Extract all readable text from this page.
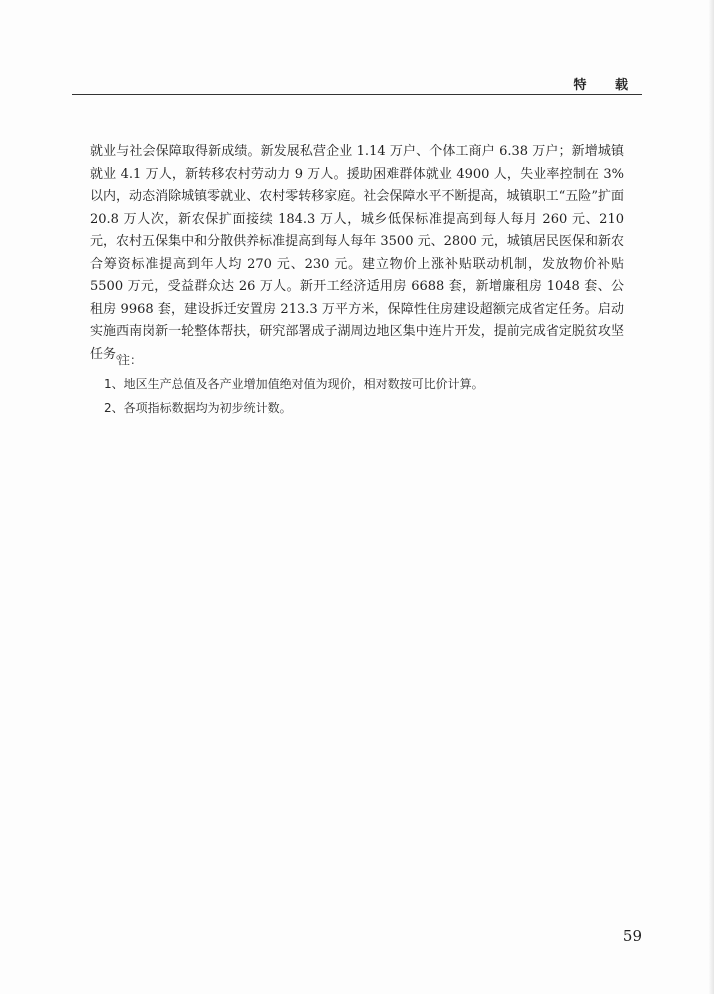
特 载
就业与社会保障取得新成绩。新发展私营企业 1.14 万户、个体工商户 6.38 万户；新增城镇就业 4.1 万人，新转移农村劳动力 9 万人。援助困难群体就业 4900 人，失业率控制在 3%以内，动态消除城镇零就业、农村零转移家庭。社会保障水平不断提高，城镇职工“五险”扩面 20.8 万人次，新农保扩面接续 184.3 万人，城乡低保标准提高到每人每月 260 元、210 元，农村五保集中和分散供养标准提高到每人每年 3500 元、2800 元，城镇居民医保和新农合筹资标准提高到年人均 270 元、230 元。建立物价上涨补贴联动机制，发放物价补贴 5500 万元，受益群众达 26 万人。新开工经济适用房 6688 套，新增廉租房 1048 套、公租房 9968 套，建设拆迁安置房 213.3 万平方米，保障性住房建设超额完成省定任务。启动实施西南岗新一轮整体帮扶，研究部署成子湖周边地区集中连片开发，提前完成省定脱贫攻坚任务。
注：
1、地区生产总值及各产业增加值绝对值为现价，相对数按可比价计算。
2、各项指标数据均为初步统计数。
59
